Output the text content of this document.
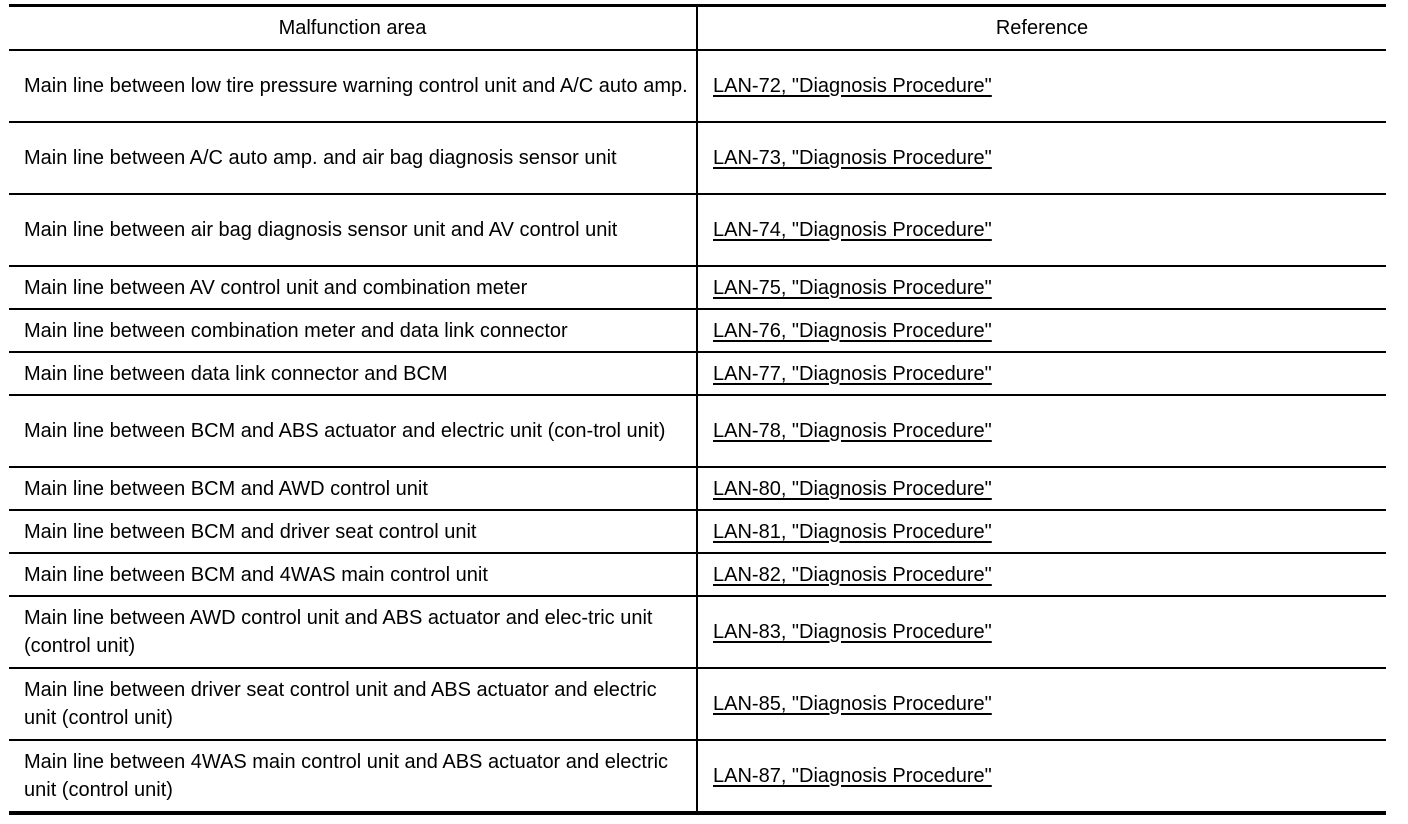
Malfunction area	Reference
Main line between low tire pressure warning control unit and A/C auto amp.	LAN-72, "Diagnosis Procedure"
Main line between A/C auto amp. and air bag diagnosis sensor unit	LAN-73, "Diagnosis Procedure"
Main line between air bag diagnosis sensor unit and AV control unit	LAN-74, "Diagnosis Procedure"
Main line between AV control unit and combination meter	LAN-75, "Diagnosis Procedure"
Main line between combination meter and data link connector	LAN-76, "Diagnosis Procedure"
Main line between data link connector and BCM	LAN-77, "Diagnosis Procedure"
Main line between BCM and ABS actuator and electric unit (con-trol unit)	LAN-78, "Diagnosis Procedure"
Main line between BCM and AWD control unit	LAN-80, "Diagnosis Procedure"
Main line between BCM and driver seat control unit	LAN-81, "Diagnosis Procedure"
Main line between BCM and 4WAS main control unit	LAN-82, "Diagnosis Procedure"
Main line between AWD control unit and ABS actuator and elec-tric unit (control unit)	LAN-83, "Diagnosis Procedure"
Main line between driver seat control unit and ABS actuator and electric unit (control unit)	LAN-85, "Diagnosis Procedure"
Main line between 4WAS main control unit and ABS actuator and electric unit (control unit)	LAN-87, "Diagnosis Procedure"
